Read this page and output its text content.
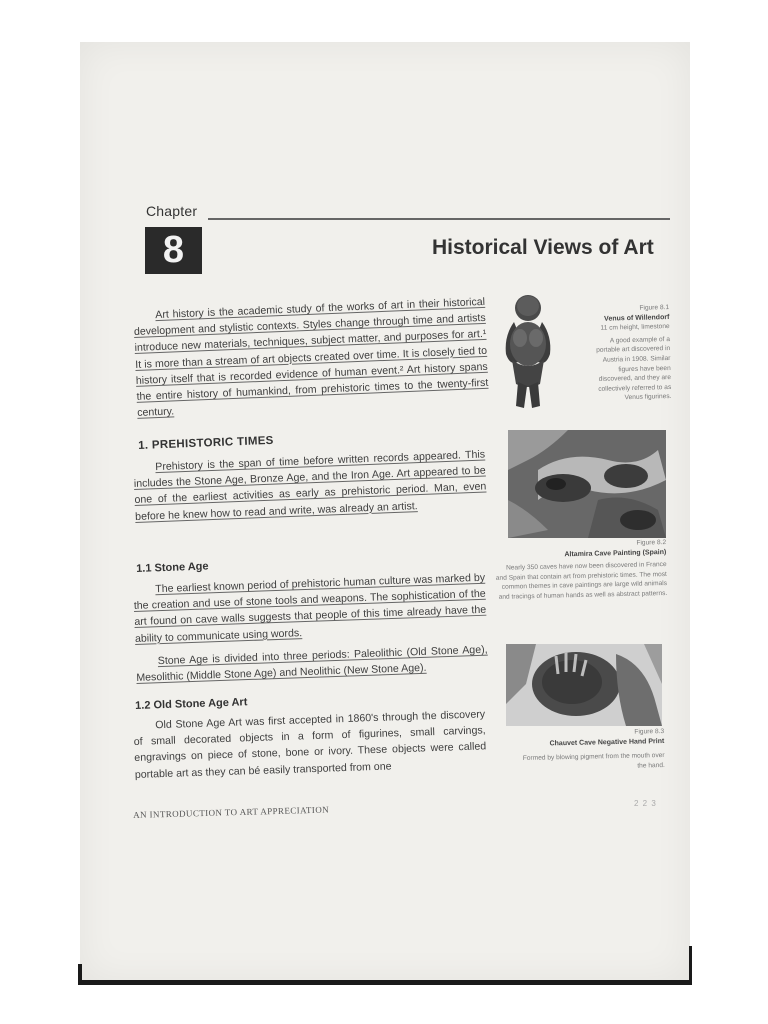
Chapter
8	Historical Views of Art

Art history is the academic study of the works of art in their historical development and stylistic contexts. Styles change through time and artists introduce new materials, techniques, subject matter, and purposes for art.¹ It is more than a stream of art objects created over time. It is closely tied to history itself that is recorded evidence of human event.² Art history spans the entire history of humankind, from prehistoric times to the twenty-first century.

1. PREHISTORIC TIMES

Prehistory is the span of time before written records appeared. This includes the Stone Age, Bronze Age, and the Iron Age. Art appeared to be one of the earliest activities as early as prehistoric period. Man, even before he knew how to read and write, was already an artist.

1.1 Stone Age

The earliest known period of prehistoric human culture was marked by the creation and use of stone tools and weapons. The sophistication of the art found on cave walls suggests that people of this time already have the ability to communicate using words.

Stone Age is divided into three periods: Paleolithic (Old Stone Age), Mesolithic (Middle Stone Age) and Neolithic (New Stone Age).

1.2 Old Stone Age Art

Old Stone Age Art was first accepted in 1860's through the discovery of small decorated objects in a form of figurines, small carvings, engravings on piece of stone, bone or ivory. These objects were called portable art as they can bé easily transported from one

Figure 8.1
Venus of Willendorf
11 cm height, limestone
A good example of a portable art discovered in Austria in 1908. Similar figures have been discovered, and they are collectively referred to as Venus figurines.
Figure 8.2
Altamira Cave Painting (Spain)
Nearly 350 caves have now been discovered in France and Spain that contain art from prehistoric times. The most common themes in cave paintings are large wild animals and tracings of human hands as well as abstract patterns.
Figure 8.3
Chauvet Cave Negative Hand Print
Formed by blowing pigment from the mouth over the hand.
AN INTRODUCTION TO ART APPRECIATION
2 2 3
